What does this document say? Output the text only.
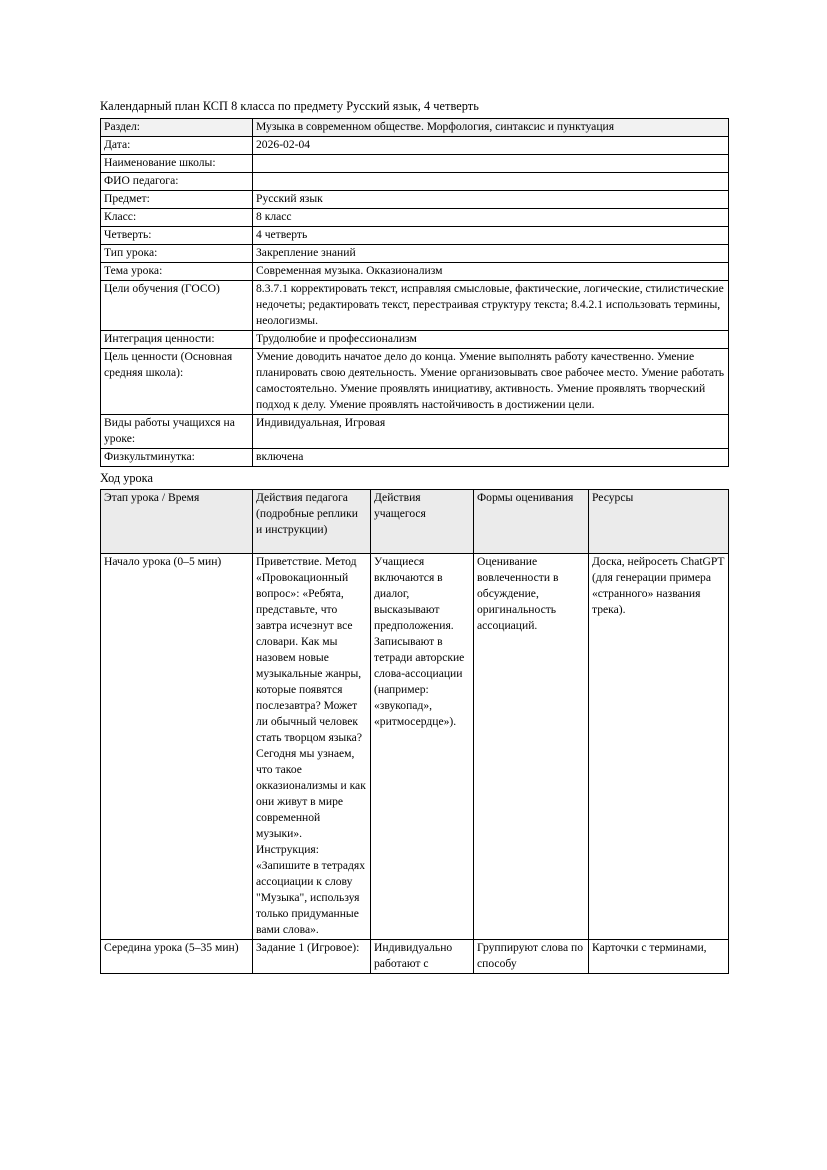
Календарный план КСП 8 класса по предмету Русский язык, 4 четверть
Раздел:	Музыка в современном обществе. Морфология, синтаксис и пунктуация
Дата:	2026-02-04
Наименование школы:	
ФИО педагога:	
Предмет:	Русский язык
Класс:	8 класс
Четверть:	4 четверть
Тип урока:	Закрепление знаний
Тема урока:	Современная музыка. Окказионализм
Цели обучения (ГОСО)	8.3.7.1 корректировать текст, исправляя смысловые, фактические, логические, стилистические недочеты; редактировать текст, перестраивая структуру текста; 8.4.2.1 использовать термины, неологизмы.
Интеграция ценности:	Трудолюбие и профессионализм
Цель ценности (Основная средняя школа):	Умение доводить начатое дело до конца. Умение выполнять работу качественно. Умение планировать свою деятельность. Умение организовывать свое рабочее место. Умение работать самостоятельно. Умение проявлять инициативу, активность. Умение проявлять творческий подход к делу. Умение проявлять настойчивость в достижении цели.
Виды работы учащихся на уроке:	Индивидуальная, Игровая
Физкультминутка:	включена
Ход урока
Этап урока / Время	Действия педагога (подробные реплики и инструкции)	Действия учащегося	Формы оценивания	Ресурсы
Начало урока (0–5 мин)	Приветствие. Метод «Провокационный вопрос»: «Ребята, представьте, что завтра исчезнут все словари. Как мы назовем новые музыкальные жанры, которые появятся послезавтра? Может ли обычный человек стать творцом языка? Сегодня мы узнаем, что такое окказионализмы и как они живут в мире современной музыки». Инструкция: «Запишите в тетрадях ассоциации к слову "Музыка", используя только придуманные вами слова».	Учащиеся включаются в диалог, высказывают предположения. Записывают в тетради авторские слова-ассоциации (например: «звукопад», «ритмосердце»).	Оценивание вовлеченности в обсуждение, оригинальность ассоциаций.	Доска, нейросеть ChatGPT (для генерации примера «странного» названия трека).
Середина урока (5–35 мин)	Задание 1 (Игровое):	Индивидуально работают с	Группируют слова по способу	Карточки с терминами,
